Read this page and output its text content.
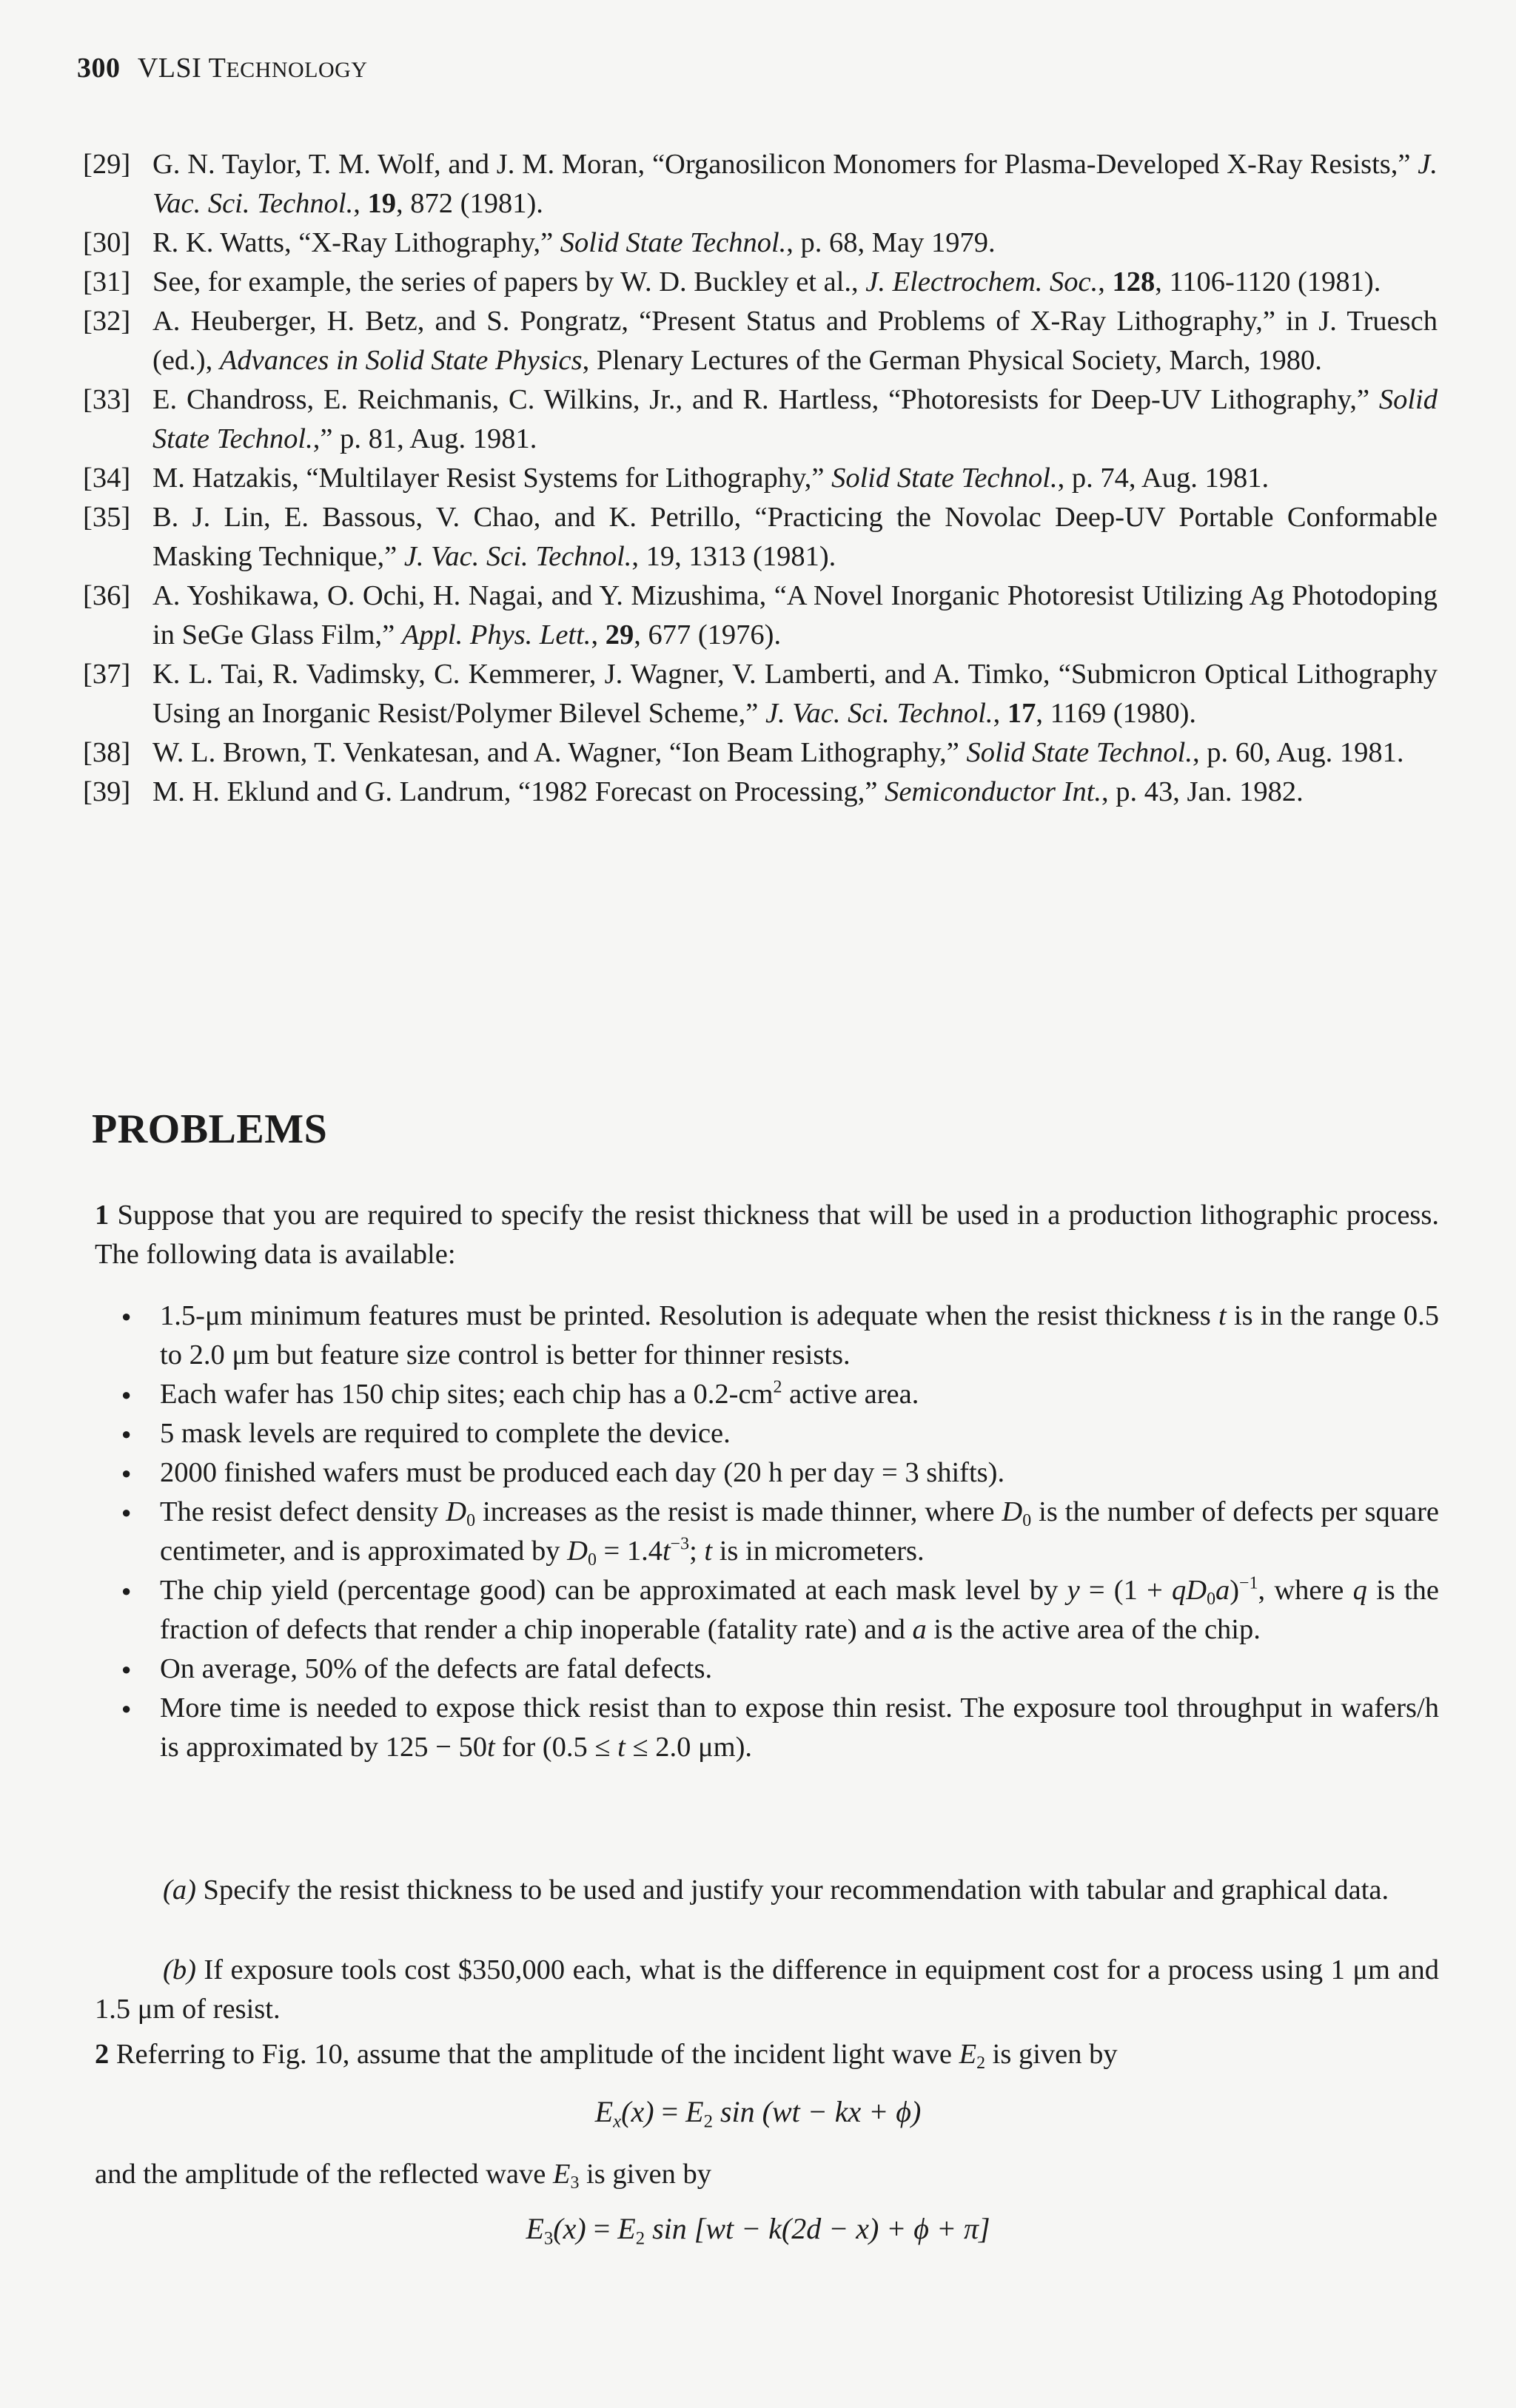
300 VLSI TECHNOLOGY
[29] G. N. Taylor, T. M. Wolf, and J. M. Moran, “Organosilicon Monomers for Plasma-Developed X-Ray Resists,” J. Vac. Sci. Technol., 19, 872 (1981).
[30] R. K. Watts, “X-Ray Lithography,” Solid State Technol., p. 68, May 1979.
[31] See, for example, the series of papers by W. D. Buckley et al., J. Electrochem. Soc., 128, 1106-1120 (1981).
[32] A. Heuberger, H. Betz, and S. Pongratz, “Present Status and Problems of X-Ray Lithography,” in J. Truesch (ed.), Advances in Solid State Physics, Plenary Lectures of the German Physical Society, March, 1980.
[33] E. Chandross, E. Reichmanis, C. Wilkins, Jr., and R. Hartless, “Photoresists for Deep-UV Lithography,” Solid State Technol.,” p. 81, Aug. 1981.
[34] M. Hatzakis, “Multilayer Resist Systems for Lithography,” Solid State Technol., p. 74, Aug. 1981.
[35] B. J. Lin, E. Bassous, V. Chao, and K. Petrillo, “Practicing the Novolac Deep-UV Portable Conformable Masking Technique,” J. Vac. Sci. Technol., 19, 1313 (1981).
[36] A. Yoshikawa, O. Ochi, H. Nagai, and Y. Mizushima, “A Novel Inorganic Photoresist Utilizing Ag Photodoping in SeGe Glass Film,” Appl. Phys. Lett., 29, 677 (1976).
[37] K. L. Tai, R. Vadimsky, C. Kemmerer, J. Wagner, V. Lamberti, and A. Timko, “Submicron Optical Lithography Using an Inorganic Resist/Polymer Bilevel Scheme,” J. Vac. Sci. Technol., 17, 1169 (1980).
[38] W. L. Brown, T. Venkatesan, and A. Wagner, “Ion Beam Lithography,” Solid State Technol., p. 60, Aug. 1981.
[39] M. H. Eklund and G. Landrum, “1982 Forecast on Processing,” Semiconductor Int., p. 43, Jan. 1982.
PROBLEMS
1 Suppose that you are required to specify the resist thickness that will be used in a production lithographic process. The following data is available:
● 1.5-μm minimum features must be printed. Resolution is adequate when the resist thickness t is in the range 0.5 to 2.0 μm but feature size control is better for thinner resists.
● Each wafer has 150 chip sites; each chip has a $0.2-cm^2$ active area.
● 5 mask levels are required to complete the device.
● 2000 finished wafers must be produced each day (20 h per day = 3 shifts).
● The resist defect density $D_0$ increases as the resist is made thinner, where $D_0$ is the number of defects per square centimeter, and is approximated by $D_0 = 1.4t^{-3}$; t is in micrometers.
● The chip yield (percentage good) can be approximated at each mask level by $y = (1 + qD_0a)^{-1}$, where q is the fraction of defects that render a chip inoperable (fatality rate) and a is the active area of the chip.
● On average, 50% of the defects are fatal defects.
● More time is needed to expose thick resist than to expose thin resist. The exposure tool throughput in wafers/h is approximated by 125 − 50t for (0.5 ≤ t ≤ 2.0 μm).
(a) Specify the resist thickness to be used and justify your recommendation with tabular and graphical data.
(b) If exposure tools cost $350,000 each, what is the difference in equipment cost for a process using 1 μm and 1.5 μm of resist.
2 Referring to Fig. 10, assume that the amplitude of the incident light wave $E_2$ is given by
$E_x(x) = E_2$ sin (wt − kx + ϕ)
and the amplitude of the reflected wave $E_3$ is given by
$E_3(x) = E_2$ sin [wt − k(2d − x) + ϕ + π]
